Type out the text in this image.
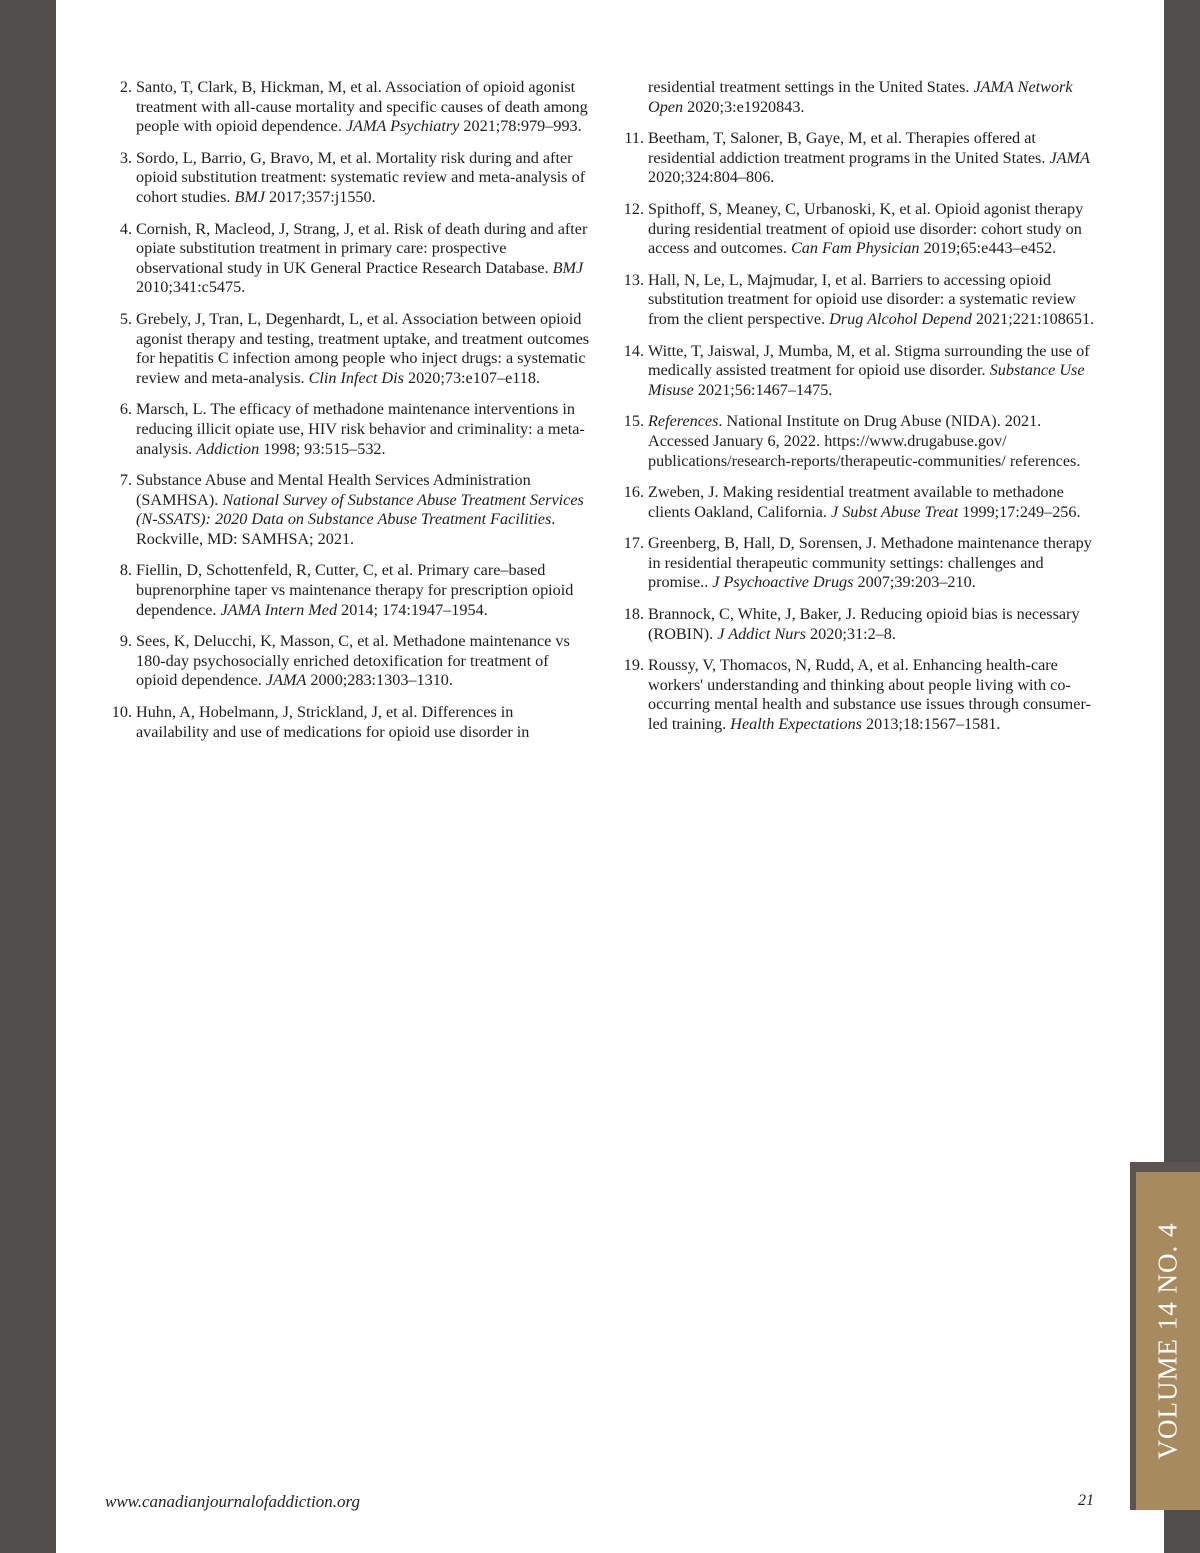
VOLUME 14 NO. 4
2. Santo, T, Clark, B, Hickman, M, et al. Association of opioid agonist treatment with all-cause mortality and specific causes of death among people with opioid dependence. JAMA Psychiatry 2021;78:979–993.
3. Sordo, L, Barrio, G, Bravo, M, et al. Mortality risk during and after opioid substitution treatment: systematic review and meta-analysis of cohort studies. BMJ 2017;357:j1550.
4. Cornish, R, Macleod, J, Strang, J, et al. Risk of death during and after opiate substitution treatment in primary care: prospective observational study in UK General Practice Research Database. BMJ 2010;341:c5475.
5. Grebely, J, Tran, L, Degenhardt, L, et al. Association between opioid agonist therapy and testing, treatment uptake, and treatment outcomes for hepatitis C infection among people who inject drugs: a systematic review and meta-analysis. Clin Infect Dis 2020;73:e107–e118.
6. Marsch, L. The efficacy of methadone maintenance interventions in reducing illicit opiate use, HIV risk behavior and criminality: a meta-analysis. Addiction 1998; 93:515–532.
7. Substance Abuse and Mental Health Services Administration (SAMHSA). National Survey of Substance Abuse Treatment Services (N-SSATS): 2020 Data on Substance Abuse Treatment Facilities. Rockville, MD: SAMHSA; 2021.
8. Fiellin, D, Schottenfeld, R, Cutter, C, et al. Primary care–based buprenorphine taper vs maintenance therapy for prescription opioid dependence. JAMA Intern Med 2014; 174:1947–1954.
9. Sees, K, Delucchi, K, Masson, C, et al. Methadone maintenance vs 180-day psychosocially enriched detoxification for treatment of opioid dependence. JAMA 2000;283:1303–1310.
10. Huhn, A, Hobelmann, J, Strickland, J, et al. Differences in availability and use of medications for opioid use disorder in
residential treatment settings in the United States. JAMA Network Open 2020;3:e1920843.
11. Beetham, T, Saloner, B, Gaye, M, et al. Therapies offered at residential addiction treatment programs in the United States. JAMA 2020;324:804–806.
12. Spithoff, S, Meaney, C, Urbanoski, K, et al. Opioid agonist therapy during residential treatment of opioid use disorder: cohort study on access and outcomes. Can Fam Physician 2019;65:e443–e452.
13. Hall, N, Le, L, Majmudar, I, et al. Barriers to accessing opioid substitution treatment for opioid use disorder: a systematic review from the client perspective. Drug Alcohol Depend 2021;221:108651.
14. Witte, T, Jaiswal, J, Mumba, M, et al. Stigma surrounding the use of medically assisted treatment for opioid use disorder. Substance Use Misuse 2021;56:1467–1475.
15. References. National Institute on Drug Abuse (NIDA). 2021. Accessed January 6, 2022. https://www.drugabuse.gov/ publications/research-reports/therapeutic-communities/ references.
16. Zweben, J. Making residential treatment available to methadone clients Oakland, California. J Subst Abuse Treat 1999;17:249–256.
17. Greenberg, B, Hall, D, Sorensen, J. Methadone maintenance therapy in residential therapeutic community settings: challenges and promise.. J Psychoactive Drugs 2007;39:203–210.
18. Brannock, C, White, J, Baker, J. Reducing opioid bias is necessary (ROBIN). J Addict Nurs 2020;31:2–8.
19. Roussy, V, Thomacos, N, Rudd, A, et al. Enhancing health-care workers' understanding and thinking about people living with co-occurring mental health and substance use issues through consumer-led training. Health Expectations 2013;18:1567–1581.
www.canadianjournalofaddiction.org	21
